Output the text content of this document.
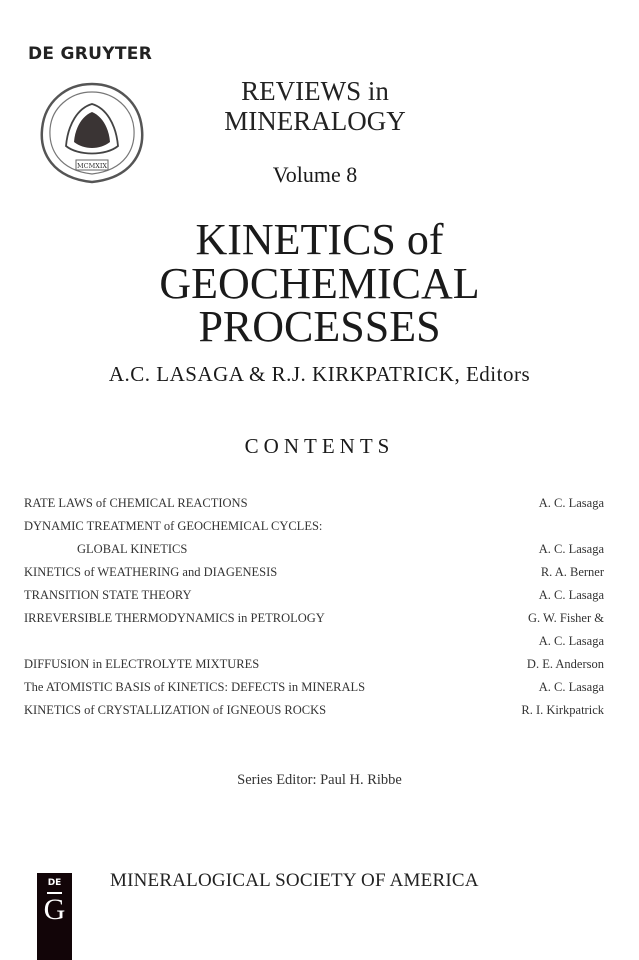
DE GRUYTER
MCMXIX
REVIEWS in
MINERALOGY
Volume 8
KINETICS of
GEOCHEMICAL
PROCESSES
A.C. LASAGA & R.J. KIRKPATRICK, Editors
CONTENTS
RATE LAWS of CHEMICAL REACTIONS	A. C. Lasaga
DYNAMIC TREATMENT of GEOCHEMICAL CYCLES:
GLOBAL KINETICS	A. C. Lasaga
KINETICS of WEATHERING and DIAGENESIS	R. A. Berner
TRANSITION STATE THEORY	A. C. Lasaga
IRREVERSIBLE THERMODYNAMICS in PETROLOGY	G. W. Fisher &
A. C. Lasaga
DIFFUSION in ELECTROLYTE MIXTURES	D. E. Anderson
The ATOMISTIC BASIS of KINETICS: DEFECTS in MINERALS	A. C. Lasaga
KINETICS of CRYSTALLIZATION of IGNEOUS ROCKS	R. I. Kirkpatrick
Series Editor: Paul H. Ribbe
DE
G
MINERALOGICAL SOCIETY OF AMERICA
